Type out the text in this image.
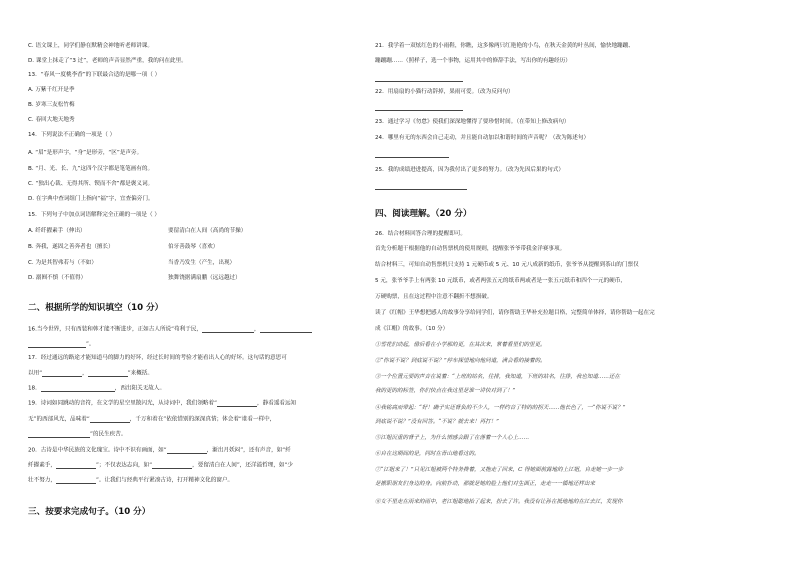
C. 语文课上，同学们静在默精会神地听老师讲课。
D. 课堂上抹走了“3 过”，老师的声音显然严重，我的问在此里。
13．“春风一度桃李香”的下联最合适的是哪一项（ ）
A. 万紫千红开是季
B. 岁寒三友松竹梅
C. 春回大地天地秀
14．下列说法不正确的一项是（ ）
A. “眉”是形声字，“身”是形旁，“区”是声旁。
B. “月、光、长、九”这四个汉字都是笔笔画有的。
C. “独出心裁、无得其所、锲而不舍”都是褒义词。
D. 在字典中查词组门上指向“福”字，宜查偏旁门。
15．下列句子中加点词语解释完全正确的一项是（ ）
A. 纤纤擢素手（伸出）	要留清白在人间（高尚的节操）
B. 奔我，遂固之善奔者也（擅长）	伯牙善鼓琴（喜欢）
C. 为是其智弗若与（不如）	当香乃发生（产生，出现）
D. 溺囿不慎（不值得）	独舞饶据满扇鹏（远远越过）
二、根据所学的知识填空（10 分）
16.当今世界，只有西装和韩才能不断进步，正如古人所说“苟利于民，	，
”。
17．经过通远的路途才能知道马的脚力的好坏，经过长时间的考验才能看出人心的好坏。这句话的意思可
以用“	，	”来概括。
18．	，西出阳关无故人。
19．诗词如同跳动的音符，在文学的星空里散闪光，从诗词中，我们领略着“	，静看遥看远知
无”的西部风光，品味着“	，千万和着在”依依惜别的深深真情；体会着“谁看一样中，
”的民生疾苦。
20．古诗是中华民族的文化瑰宝。诗中不识有画面，如“	，渐出月妖闷”，还有声音，如“纤
纤擢素手，	”；不仅表达志向，如“	，要留清白在人间”，还洋溢哲理，如“少
壮不努力，	”。让我们与经典平行紧凑古诗，打开精神文化的窗户。
三、按要求完成句子。（10 分）
21．我学着一双炫红色的小雨鞋，你瞧，这多像两只红艳艳的小鸟，在秋天金黄的叶丛间，愉快地蹦蹦、
蹦蹦蹦……（照样子，选一个事物，运用其中的修辞手法，写出你的有趣经历）
22．用扇扇的小猫行动辞掉，果雨可爱。（改为反问句）
23．通过学习《勿怠》使我们深深地懂得了要珍惜时间。（在带知上修改病句）
24．哪里有无的东西会自己走动，并且能自动加以和谐时间的声音呢？（改为陈述句）
25．我的成绩进进提高，因为我付出了更多的努力。（改为先因后果的句式）
四、阅读理解。（20 分）
26．结合材料回答合理的提醒即可。
首先分析题干根据他的自动售票机的使用规则，提醒张爷爷带我金洋赛事项。
结合材料三，可知自动售票机只支持 1 元硬币或 5 元、10 元八成新的纸币，张爷爷从提醒到茶山的门票仅
5 元，张爷爷手上有两张 10 元纸币，或者两张五元的纸币两或者是一张五元纸币和四个一元的硬币，
万硬购票，且在这过程中注意不翻折不想损破。
读了《红帽》王华想把感人的故事分享给同学们，请你帮助王华补充拉题目格，完整简单体择，请你帮助一起在完
成《江帽》的故事。（10 分）
①雪花们动起，借后看在小学那的更，在其次来，常着看里们的里更。
②“你说不说？到底说不说？”停车探望地向他问道，满会看的接着的。
③一个位置元要的声音在说着：“上班的站名，往排，我知道，下班的站名，往排，我也知道……还在
我的更的的标签，你们快点在我这里是谁一讲快对到了！”
④我铭高而带起：“好！确子实还背负的不少人，一样约音了特的的拐天……他长色了，一“你说不说？”
到底说不说？”没有回答。“不说？就去来！再打！”
⑤江姐沉重的背子上，为什么情感会跟了在落着一个人心上……
⑥自在这期间的是，同时在青山地看这的。
⑦“江姐来了！”只见江姐被两个特务搀着，又拖走了回来，C 得她面前露地的上江姐，自走她一步一步
是搬职朋友们身边的身。向前扑动，那就是她的脸上他们对生面正，走走一一循地还样出来
⑧女不里走在雨来的雨中，老江姐聪地抬了起来，扮去了许。我没有让孙在抵地地的在江去江，发现你
